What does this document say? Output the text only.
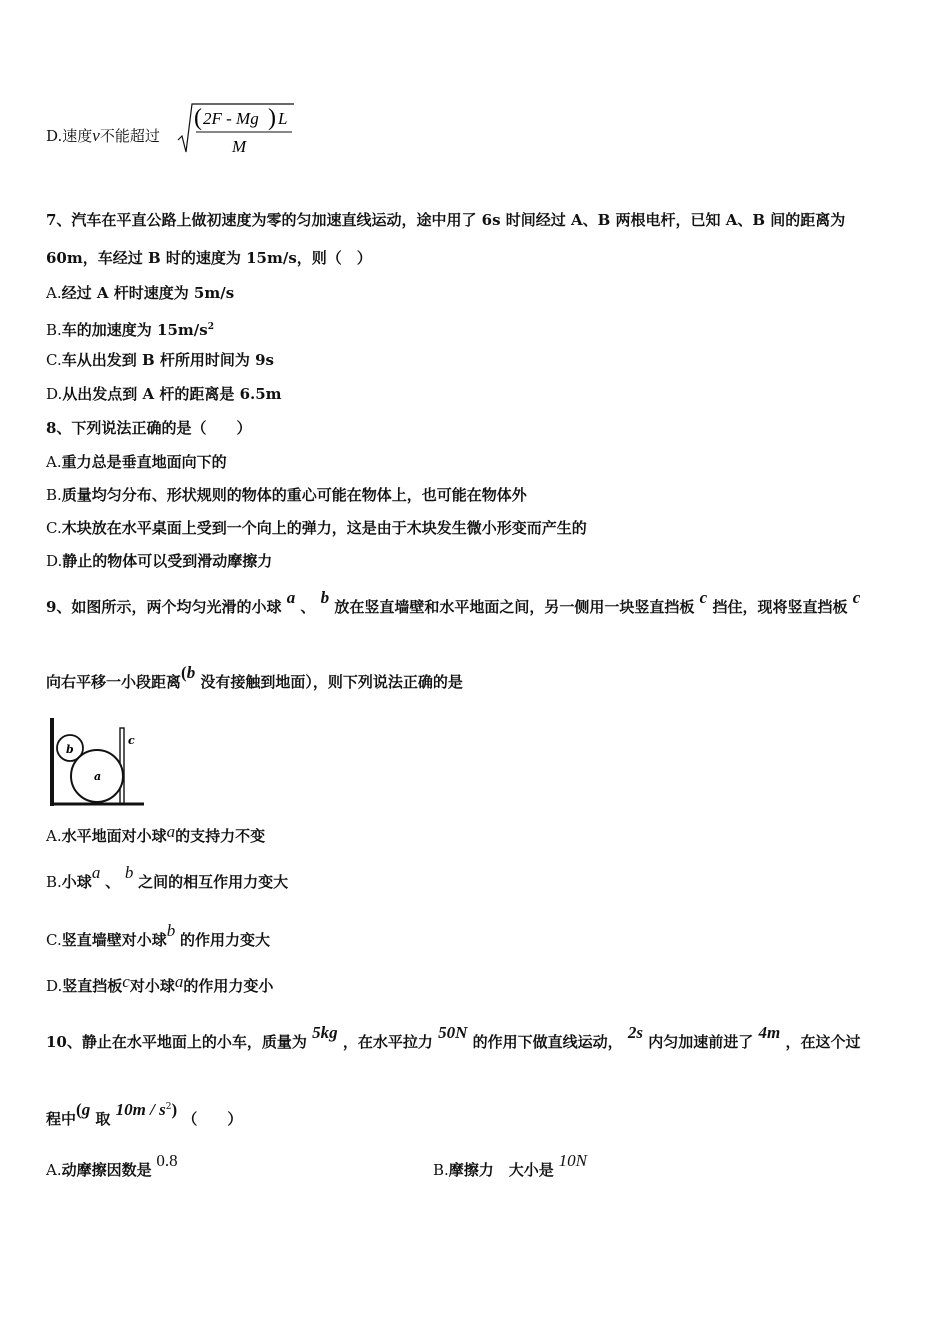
D.速度v不能超过
( 2F - Mg ) L
M
7、汽车在平直公路上做初速度为零的匀加速直线运动，途中用了 6s 时间经过 A、B 两根电杆，已知 A、B 间的距离为
60m，车经过 B 时的速度为 15m/s，则（　）
A.经过 A 杆时速度为 5m/s
B.车的加速度为 $15m/s^2$
C.车从出发到 B 杆所用时间为 9s
D.从出发点到 A 杆的距离是 6.5m
8、下列说法正确的是（　　）
A.重力总是垂直地面向下的
B.质量均匀分布、形状规则的物体的重心可能在物体上，也可能在物体外
C.木块放在水平桌面上受到一个向上的弹力，这是由于木块发生微小形变而产生的
D.静止的物体可以受到滑动摩擦力
9、如图所示，两个均匀光滑的小球 a 、 b 放在竖直墙壁和水平地面之间，另一侧用一块竖直挡板 c 挡住，现将竖直挡板 c
向右平移一小段距离(b 没有接触到地面），则下列说法正确的是
b
a
c
A.水平地面对小球a的支持力不变
B.小球a 、 b 之间的相互作用力变大
C.竖直墙壁对小球b 的作用力变大
D.竖直挡板c对小球a的作用力变小
10、静止在水平地面上的小车，质量为 5kg ，在水平拉力 50N 的作用下做直线运动， 2s 内匀加速前进了 4m ，在这个过
程中(g 取 $10m / s^2$) （　　）
A.动摩擦因数是 0.8	B.摩擦力　大小是 10N
